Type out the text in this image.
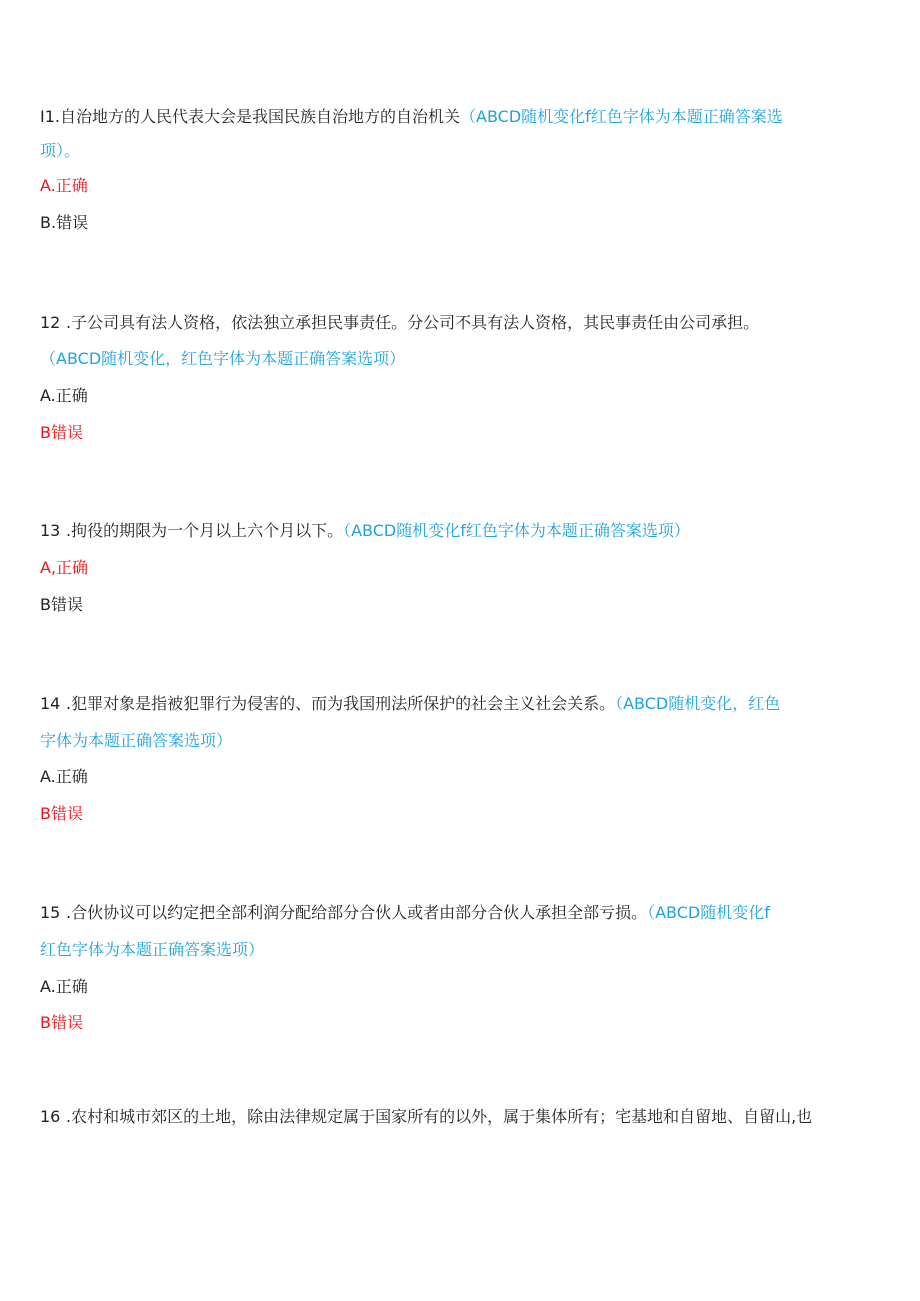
I1.自治地方的人民代表大会是我国民族自治地方的自治机关（ABCD随机变化f红色字体为本题正确答案选
项）。
A.正确
B.错误
12 .子公司具有法人资格，依法独立承担民事责任。分公司不具有法人资格，其民事责任由公司承担。
（ABCD随机变化，红色字体为本题正确答案选项）
A.正确
B错误
13 .拘役的期限为一个月以上六个月以下。（ABCD随机变化f红色字体为本题正确答案选项）
A,正确
B错误
14 .犯罪对象是指被犯罪行为侵害的、而为我国刑法所保护的社会主义社会关系。（ABCD随机变化，红色
字体为本题正确答案选项）
A.正确
B错误
15 .合伙协议可以约定把全部利润分配给部分合伙人或者由部分合伙人承担全部亏损。（ABCD随机变化f
红色字体为本题正确答案选项）
A.正确
B错误
16 .农村和城市郊区的土地，除由法律规定属于国家所有的以外，属于集体所有；宅基地和自留地、自留山,也
